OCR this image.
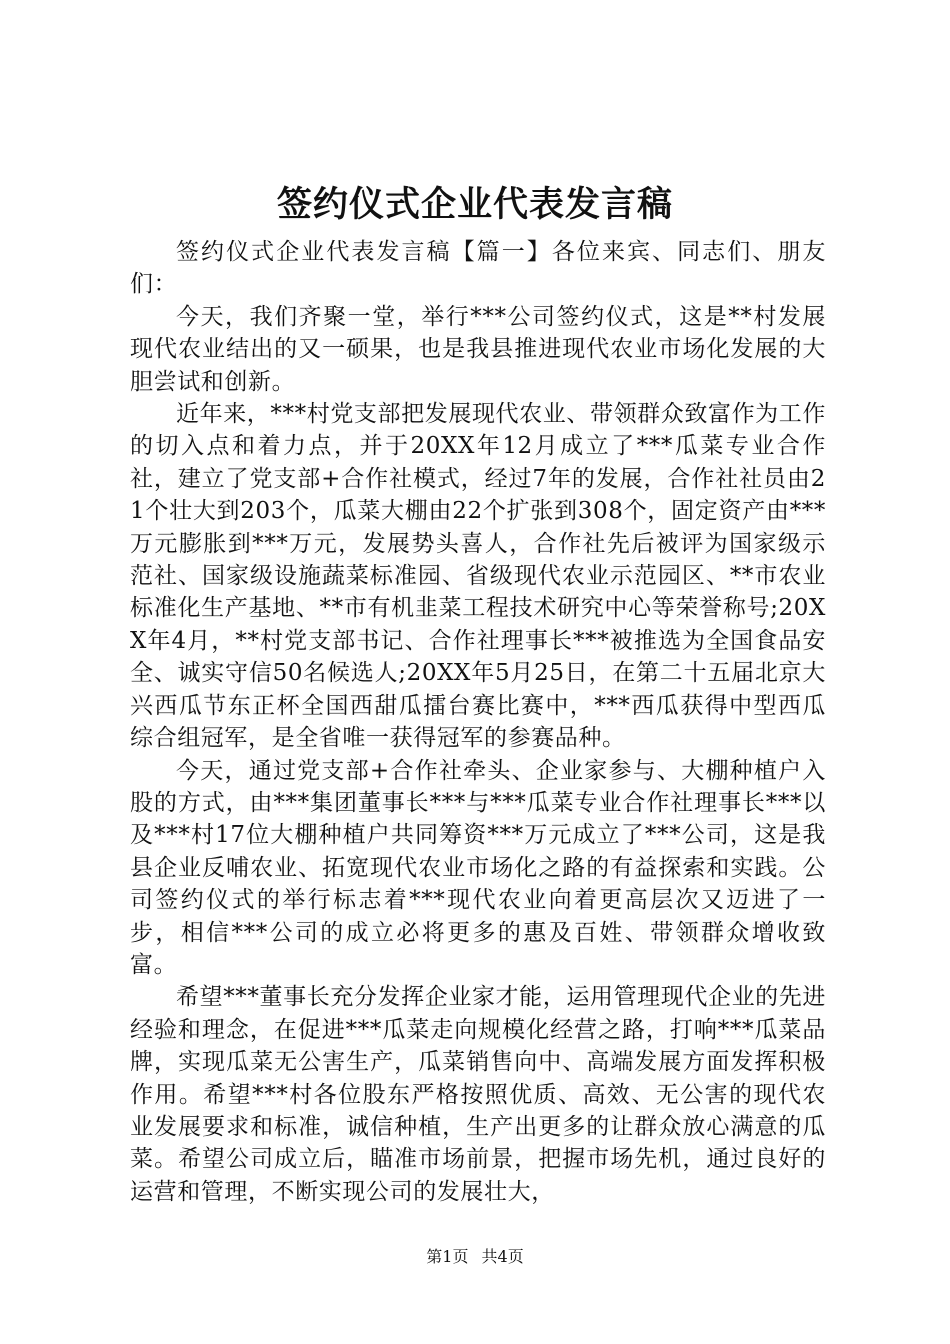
签约仪式企业代表发言稿

签约仪式企业代表发言稿【篇一】各位来宾、同志们、朋友们：

今天，我们齐聚一堂，举行***公司签约仪式，这是**村发展现代农业结出的又一硕果，也是我县推进现代农业市场化发展的大胆尝试和创新。

近年来，***村党支部把发展现代农业、带领群众致富作为工作的切入点和着力点，并于20XX年12月成立了***瓜菜专业合作社，建立了党支部+合作社模式，经过7年的发展，合作社社员由21个壮大到203个，瓜菜大棚由22个扩张到308个，固定资产由***万元膨胀到***万元，发展势头喜人，合作社先后被评为国家级示范社、国家级设施蔬菜标准园、省级现代农业示范园区、**市农业标准化生产基地、**市有机韭菜工程技术研究中心等荣誉称号;20XX年4月，**村党支部书记、合作社理事长***被推选为全国食品安全、诚实守信50名候选人;20XX年5月25日，在第二十五届北京大兴西瓜节东正杯全国西甜瓜擂台赛比赛中，***西瓜获得中型西瓜综合组冠军，是全省唯一获得冠军的参赛品种。

今天，通过党支部+合作社牵头、企业家参与、大棚种植户入股的方式，由***集团董事长***与***瓜菜专业合作社理事长***以及***村17位大棚种植户共同筹资***万元成立了***公司，这是我县企业反哺农业、拓宽现代农业市场化之路的有益探索和实践。公司签约仪式的举行标志着***现代农业向着更高层次又迈进了一步，相信***公司的成立必将更多的惠及百姓、带领群众增收致富。

希望***董事长充分发挥企业家才能，运用管理现代企业的先进经验和理念，在促进***瓜菜走向规模化经营之路，打响***瓜菜品牌，实现瓜菜无公害生产，瓜菜销售向中、高端发展方面发挥积极作用。希望***村各位股东严格按照优质、高效、无公害的现代农业发展要求和标准，诚信种植，生产出更多的让群众放心满意的瓜菜。希望公司成立后，瞄准市场前景，把握市场先机，通过良好的运营和管理，不断实现公司的发展壮大，

第1页 共4页
